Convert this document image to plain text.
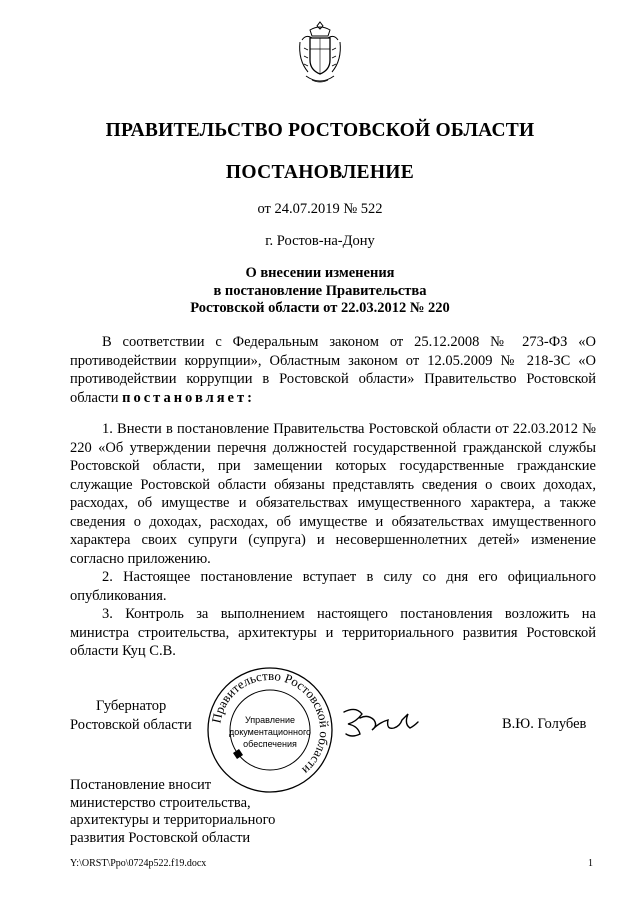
ПРАВИТЕЛЬСТВО РОСТОВСКОЙ ОБЛАСТИ
ПОСТАНОВЛЕНИЕ
от 24.07.2019 № 522
г. Ростов-на-Дону
О внесении изменения
в постановление Правительства
Ростовской области от 22.03.2012 № 220

В соответствии с Федеральным законом от 25.12.2008 № 273-ФЗ «О противодействии коррупции», Областным законом от 12.05.2009 № 218-ЗС «О противодействии коррупции в Ростовской области» Правительство Ростовской области постановляет:

1. Внести в постановление Правительства Ростовской области от 22.03.2012 № 220 «Об утверждении перечня должностей государственной гражданской службы Ростовской области, при замещении которых государственные гражданские служащие Ростовской области обязаны представлять сведения о своих доходах, расходах, об имуществе и обязательствах имущественного характера, а также сведения о доходах, расходах, об имуществе и обязательствах имущественного характера своих супруги (супруга) и несовершеннолетних детей» изменение согласно приложению.

2. Настоящее постановление вступает в силу со дня его официального опубликования.

3. Контроль за выполнением настоящего постановления возложить на министра строительства, архитектуры и территориального развития Ростовской области Куц С.В.

Губернатор
Ростовской области Правительство Ростовской области
Управление
документационного
обеспечения
В.Ю. Голубев
Постановление вносит
министерство строительства,
архитектуры и территориального
развития Ростовской области
Y:\ORST\Ppo\0724p522.f19.docx	1
